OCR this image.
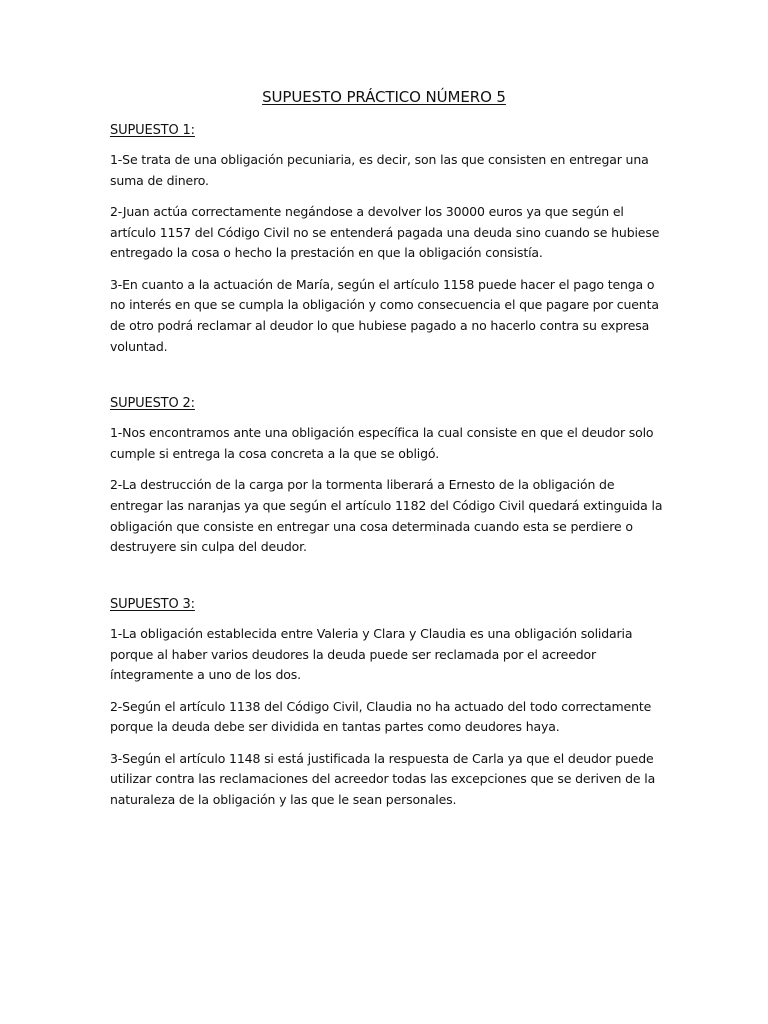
SUPUESTO PRÁCTICO NÚMERO 5
SUPUESTO 1:

1-Se trata de una obligación pecuniaria, es decir, son las que consisten en entregar una suma de dinero.

2-Juan actúa correctamente negándose a devolver los 30000 euros ya que según el artículo 1157 del Código Civil no se entenderá pagada una deuda sino cuando se hubiese entregado la cosa o hecho la prestación en que la obligación consistía.

3-En cuanto a la actuación de María, según el artículo 1158 puede hacer el pago tenga o no interés en que se cumpla la obligación y como consecuencia el que pagare por cuenta de otro podrá reclamar al deudor lo que hubiese pagado a no hacerlo contra su expresa voluntad.

SUPUESTO 2:

1-Nos encontramos ante una obligación específica la cual consiste en que el deudor solo cumple si entrega la cosa concreta a la que se obligó.

2-La destrucción de la carga por la tormenta liberará a Ernesto de la obligación de entregar las naranjas ya que según el artículo 1182 del Código Civil quedará extinguida la obligación que consiste en entregar una cosa determinada cuando esta se perdiere o destruyere sin culpa del deudor.

SUPUESTO 3:

1-La obligación establecida entre Valeria y Clara y Claudia es una obligación solidaria porque al haber varios deudores la deuda puede ser reclamada por el acreedor íntegramente a uno de los dos.

2-Según el artículo 1138 del Código Civil, Claudia no ha actuado del todo correctamente porque la deuda debe ser dividida en tantas partes como deudores haya.

3-Según el artículo 1148 si está justificada la respuesta de Carla ya que el deudor puede utilizar contra las reclamaciones del acreedor todas las excepciones que se deriven de la naturaleza de la obligación y las que le sean personales.
